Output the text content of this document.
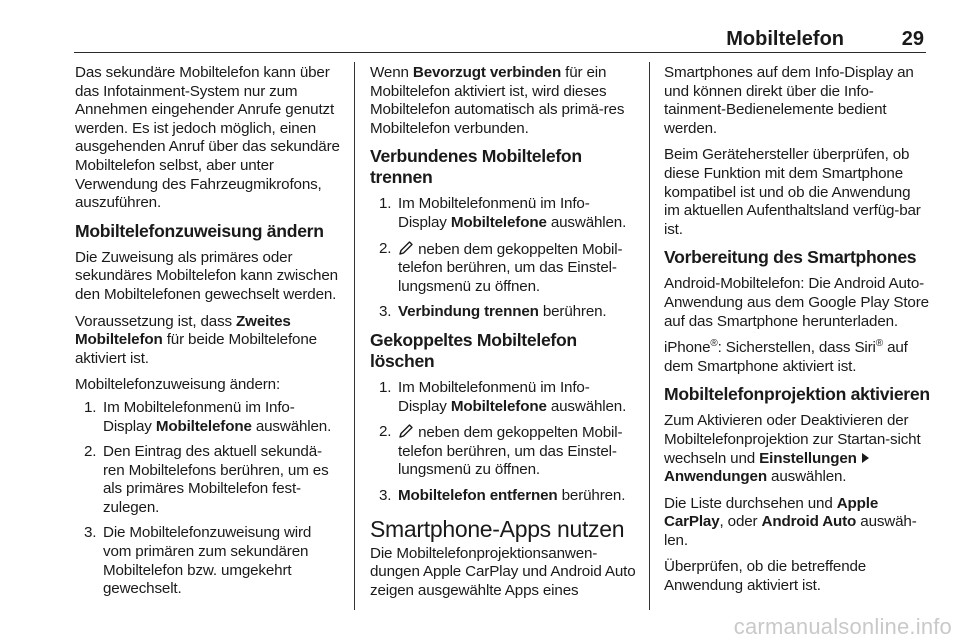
Mobiltelefon	29

Das sekundäre Mobiltelefon kann über das Infotainment-System nur zum Annehmen eingehender Anrufe genutzt werden. Es ist jedoch möglich, einen ausgehenden Anruf über das sekundäre Mobiltelefon selbst, aber unter Verwendung des Fahrzeugmikrofons, auszuführen.

Mobiltelefonzuweisung ändern

Die Zuweisung als primäres oder sekundäres Mobiltelefon kann zwischen den Mobiltelefonen gewechselt werden.

Voraussetzung ist, dass Zweites Mobiltelefon für beide Mobiltelefone aktiviert ist.

Mobiltelefonzuweisung ändern:

1. Im Mobiltelefonmenü im Info-Display Mobiltelefone auswählen.
2. Den Eintrag des aktuell sekundä-ren Mobiltelefons berühren, um es als primäres Mobiltelefon fest-zulegen.
3. Die Mobiltelefonzuweisung wird vom primären zum sekundären Mobiltelefon bzw. umgekehrt gewechselt.

Wenn Bevorzugt verbinden für ein Mobiltelefon aktiviert ist, wird dieses Mobiltelefon automatisch als primä-res Mobiltelefon verbunden.

Verbundenes Mobiltelefon trennen
1. Im Mobiltelefonmenü im Info-Display Mobiltelefone auswählen.
2. neben dem gekoppelten Mobil-telefon berühren, um das Einstel-lungsmenü zu öffnen.
3. Verbindung trennen berühren.
Gekoppeltes Mobiltelefon löschen
1. Im Mobiltelefonmenü im Info-Display Mobiltelefone auswählen.
2. neben dem gekoppelten Mobil-telefon berühren, um das Einstel-lungsmenü zu öffnen.
3. Mobiltelefon entfernen berühren.
Smartphone-Apps nutzen

Die Mobiltelefonprojektionsanwen-dungen Apple CarPlay und Android Auto zeigen ausgewählte Apps eines

Smartphones auf dem Info-Display an und können direkt über die Info-tainment-Bedienelemente bedient werden.

Beim Gerätehersteller überprüfen, ob diese Funktion mit dem Smartphone kompatibel ist und ob die Anwendung im aktuellen Aufenthaltsland verfüg-bar ist.

Vorbereitung des Smartphones

Android-Mobiltelefon: Die Android Auto-Anwendung aus dem Google Play Store auf das Smartphone herunterladen.

iPhone®: Sicherstellen, dass Siri® auf dem Smartphone aktiviert ist.

Mobiltelefonprojektion aktivieren

Zum Aktivieren oder Deaktivieren der Mobiltelefonprojektion zur Startan-sicht wechseln und Einstellungen
Anwendungen auswählen.

Die Liste durchsehen und Apple CarPlay, oder Android Auto auswäh-len.

Überprüfen, ob die betreffende Anwendung aktiviert ist.

carmanualsonline.info
